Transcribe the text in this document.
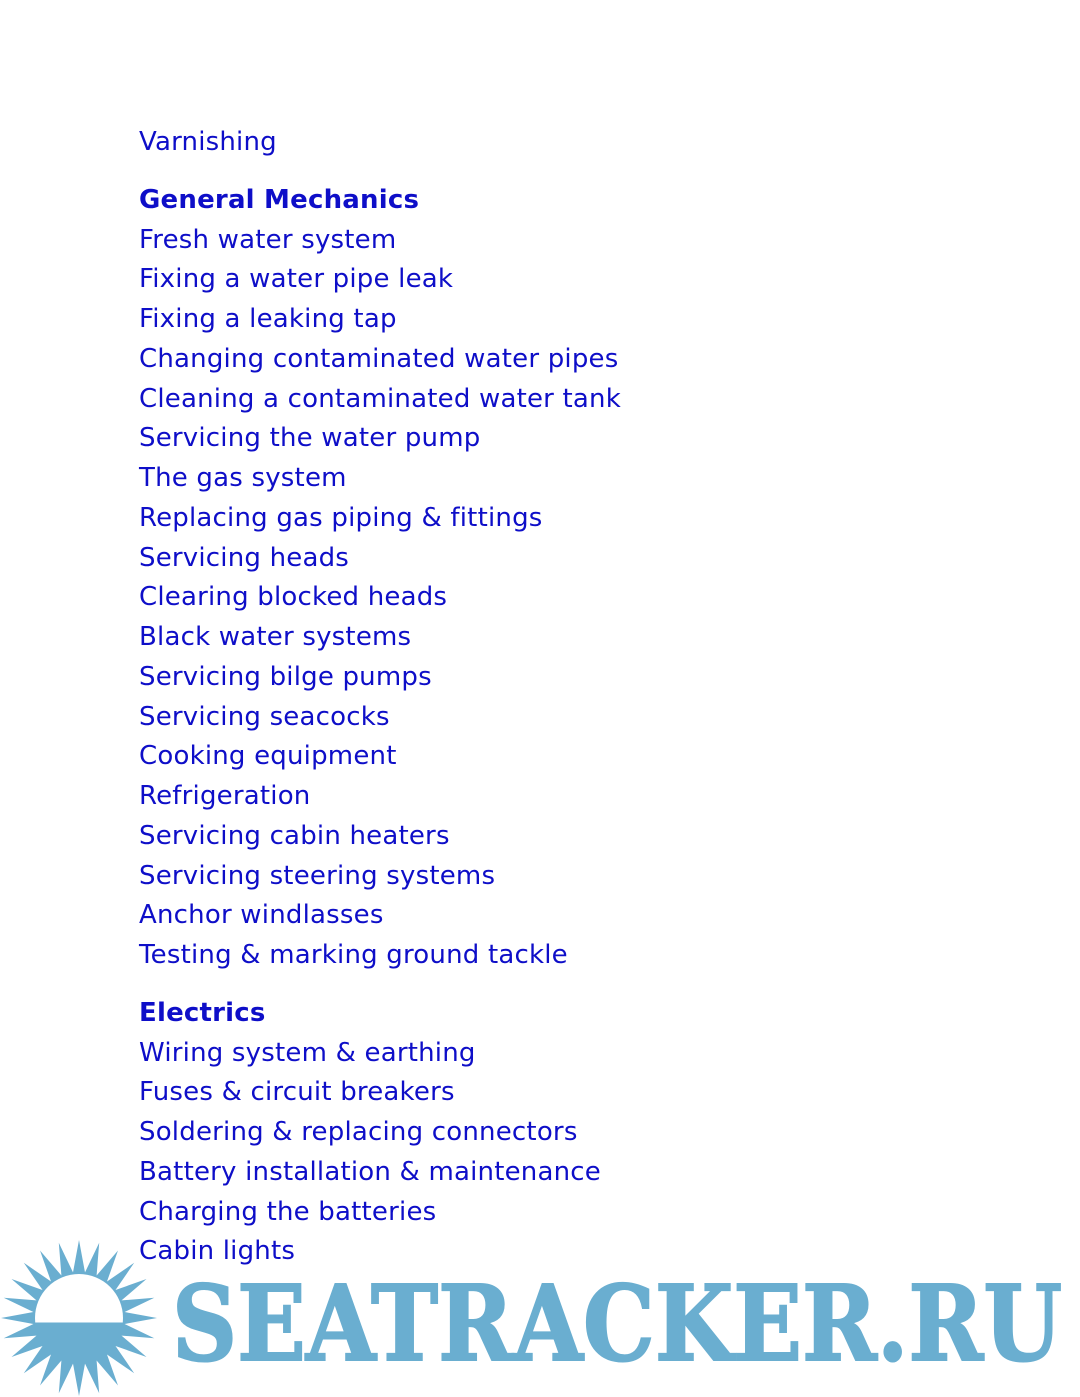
Varnishing
General Mechanics
Fresh water system
Fixing a water pipe leak
Fixing a leaking tap
Changing contaminated water pipes
Cleaning a contaminated water tank
Servicing the water pump
The gas system
Replacing gas piping & fittings
Servicing heads
Clearing blocked heads
Black water systems
Servicing bilge pumps
Servicing seacocks
Cooking equipment
Refrigeration
Servicing cabin heaters
Servicing steering systems
Anchor windlasses
Testing & marking ground tackle
Electrics
Wiring system & earthing
Fuses & circuit breakers
Soldering & replacing connectors
Battery installation & maintenance
Charging the batteries
Cabin lights
SEATRACKER.RU
